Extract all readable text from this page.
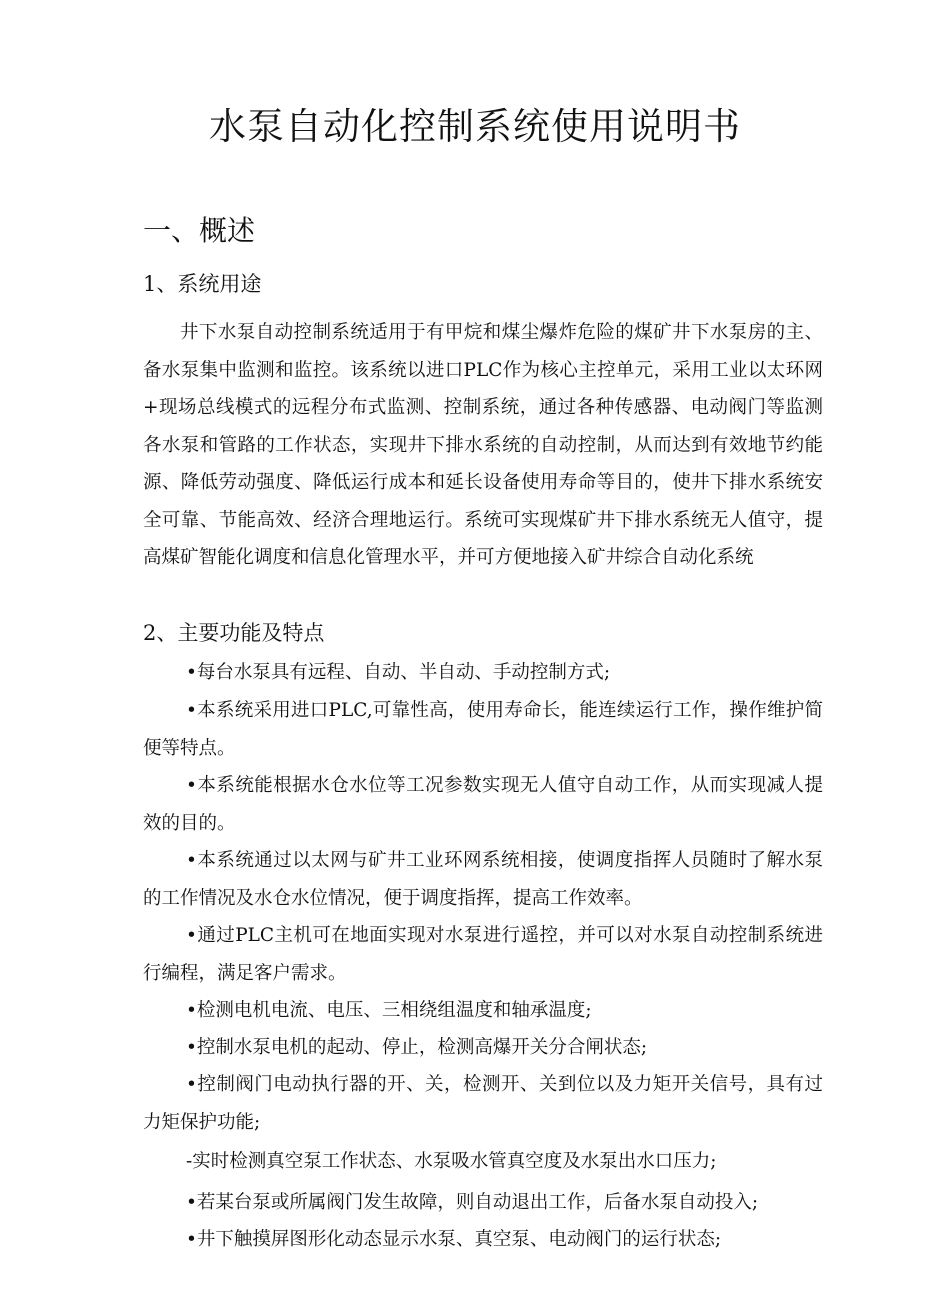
水泵自动化控制系统使用说明书
一、概述
1、系统用途

井下水泵自动控制系统适用于有甲烷和煤尘爆炸危险的煤矿井下水泵房的主、备水泵集中监测和监控。该系统以进口PLC作为核心主控单元，采用工业以太环网+现场总线模式的远程分布式监测、控制系统，通过各种传感器、电动阀门等监测各水泵和管路的工作状态，实现井下排水系统的自动控制，从而达到有效地节约能源、降低劳动强度、降低运行成本和延长设备使用寿命等目的，使井下排水系统安全可靠、节能高效、经济合理地运行。系统可实现煤矿井下排水系统无人值守，提高煤矿智能化调度和信息化管理水平，并可方便地接入矿井综合自动化系统

2、主要功能及特点

•每台水泵具有远程、自动、半自动、手动控制方式;

•本系统采用进口PLC,可靠性高，使用寿命长，能连续运行工作，操作维护简便等特点。

•本系统能根据水仓水位等工况参数实现无人值守自动工作，从而实现减人提效的目的。

•本系统通过以太网与矿井工业环网系统相接，使调度指挥人员随时了解水泵的工作情况及水仓水位情况，便于调度指挥，提高工作效率。

•通过PLC主机可在地面实现对水泵进行遥控，并可以对水泵自动控制系统进行编程，满足客户需求。

•检测电机电流、电压、三相绕组温度和轴承温度;

•控制水泵电机的起动、停止，检测高爆开关分合闸状态;

•控制阀门电动执行器的开、关，检测开、关到位以及力矩开关信号，具有过力矩保护功能;

-实时检测真空泵工作状态、水泵吸水管真空度及水泵出水口压力;

•若某台泵或所属阀门发生故障，则自动退出工作，后备水泵自动投入;

•井下触摸屏图形化动态显示水泵、真空泵、电动阀门的运行状态;
